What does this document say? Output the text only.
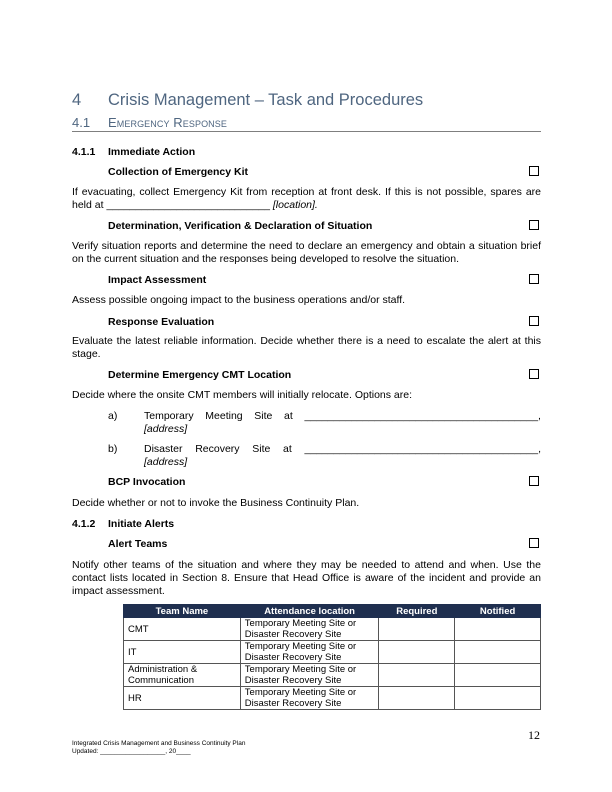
4 Crisis Management – Task and Procedures
4.1 Emergency Response
4.1.1 Immediate Action
Collection of Emergency Kit
If evacuating, collect Emergency Kit from reception at front desk. If this is not possible, spares are held at ____________________________ [location].
Determination, Verification & Declaration of Situation
Verify situation reports and determine the need to declare an emergency and obtain a situation brief on the current situation and the responses being developed to resolve the situation.
Impact Assessment
Assess possible ongoing impact to the business operations and/or staff.
Response Evaluation
Evaluate the latest reliable information. Decide whether there is a need to escalate the alert at this stage.
Determine Emergency CMT Location
Decide where the onsite CMT members will initially relocate. Options are:
a)	Temporary Meeting Site at ________________________________________,
[address]
b)	Disaster Recovery Site at ________________________________________,
[address]
BCP Invocation
Decide whether or not to invoke the Business Continuity Plan.
4.1.2 Initiate Alerts
Alert Teams
Notify other teams of the situation and where they may be needed to attend and when. Use the contact lists located in Section 8. Ensure that Head Office is aware of the incident and provide an impact assessment.
Team Name	Attendance location	Required	Notified
CMT	Temporary Meeting Site or
Disaster Recovery Site		
IT	Temporary Meeting Site or
Disaster Recovery Site		
Administration &
Communication	Temporary Meeting Site or
Disaster Recovery Site		
HR	Temporary Meeting Site or
Disaster Recovery Site		
12
Integrated Crisis Management and Business Continuity Plan
Updated: __________________, 20____
